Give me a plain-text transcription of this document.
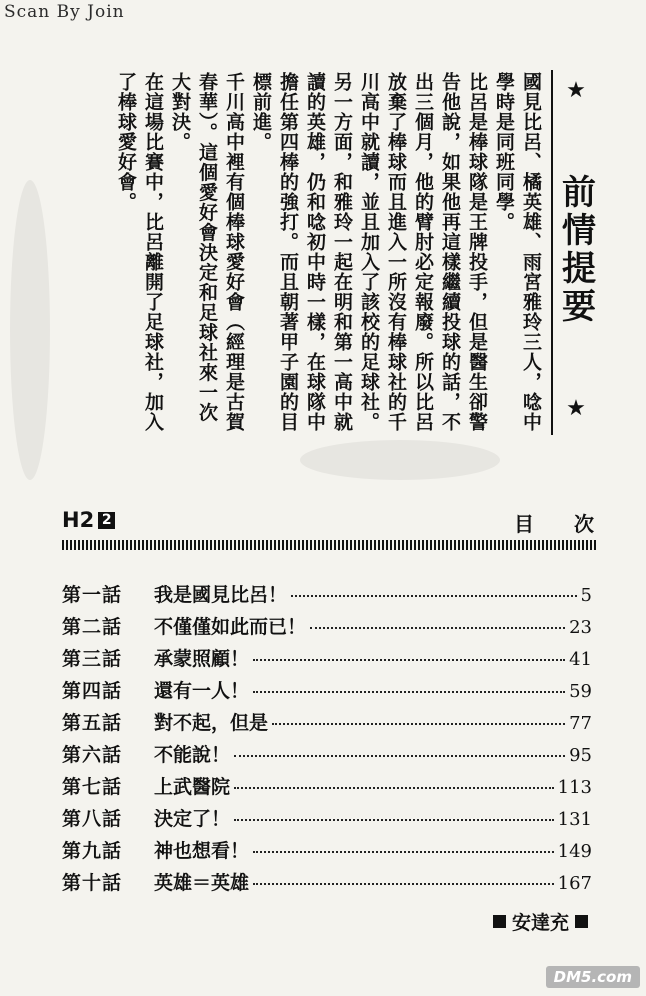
Scan By Join
★
前情提要
★

國見比呂、橘英雄、雨宮雅玲三人，唸中學時是同班同學。

比呂是棒球隊是王牌投手，但是醫生卻警告他說，如果他再這樣繼續投球的話，不出三個月，他的臂肘必定報廢。所以比呂放棄了棒球而且進入一所沒有棒球社的千川高中就讀，並且加入了該校的足球社。

另一方面，和雅玲一起在明和第一高中就讀的英雄，仍和唸初中時一樣，在球隊中擔任第四棒的強打。而且朝著甲子園的目標前進。

千川高中裡有個棒球愛好會（經理是古賀春華）。這個愛好會決定和足球社來一次大對決。

在這場比賽中，比呂離開了足球社，加入了棒球愛好會。

H2 2	目次
第一話	我是國見比呂！	5
第二話	不僅僅如此而已！	23
第三話	承蒙照顧！	41
第四話	還有一人！	59
第五話	對不起，但是	77
第六話	不能說！	95
第七話	上武醫院	113
第八話	決定了！	131
第九話	神也想看！	149
第十話	英雄＝英雄	167
安達充
DM5.com
